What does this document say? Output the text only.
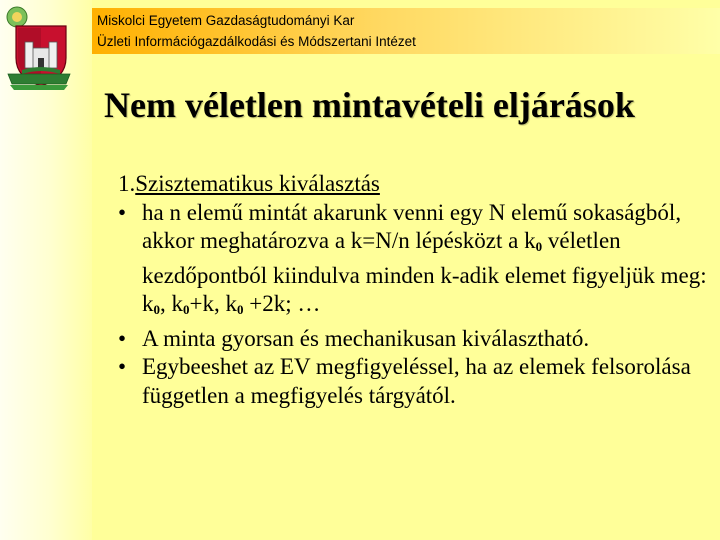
Miskolci Egyetem Gazdaságtudományi Kar
Üzleti Információgazdálkodási és Módszertani Intézet
Nem véletlen mintavételi eljárások
1.Szisztematikus kiválasztás
• ha n elemű mintát akarunk venni egy N elemű sokaságból, akkor meghatározva a k=N/n lépésközt a $k_0$ véletlen kezdőpontból kiindulva minden k-adik elemet figyeljük meg:
$k_0$, $k_0+k$, $k_0 +2k$; …
• A minta gyorsan és mechanikusan kiválasztható.
• Egybeeshet az EV megfigyeléssel, ha az elemek felsorolása független a megfigyelés tárgyától.
